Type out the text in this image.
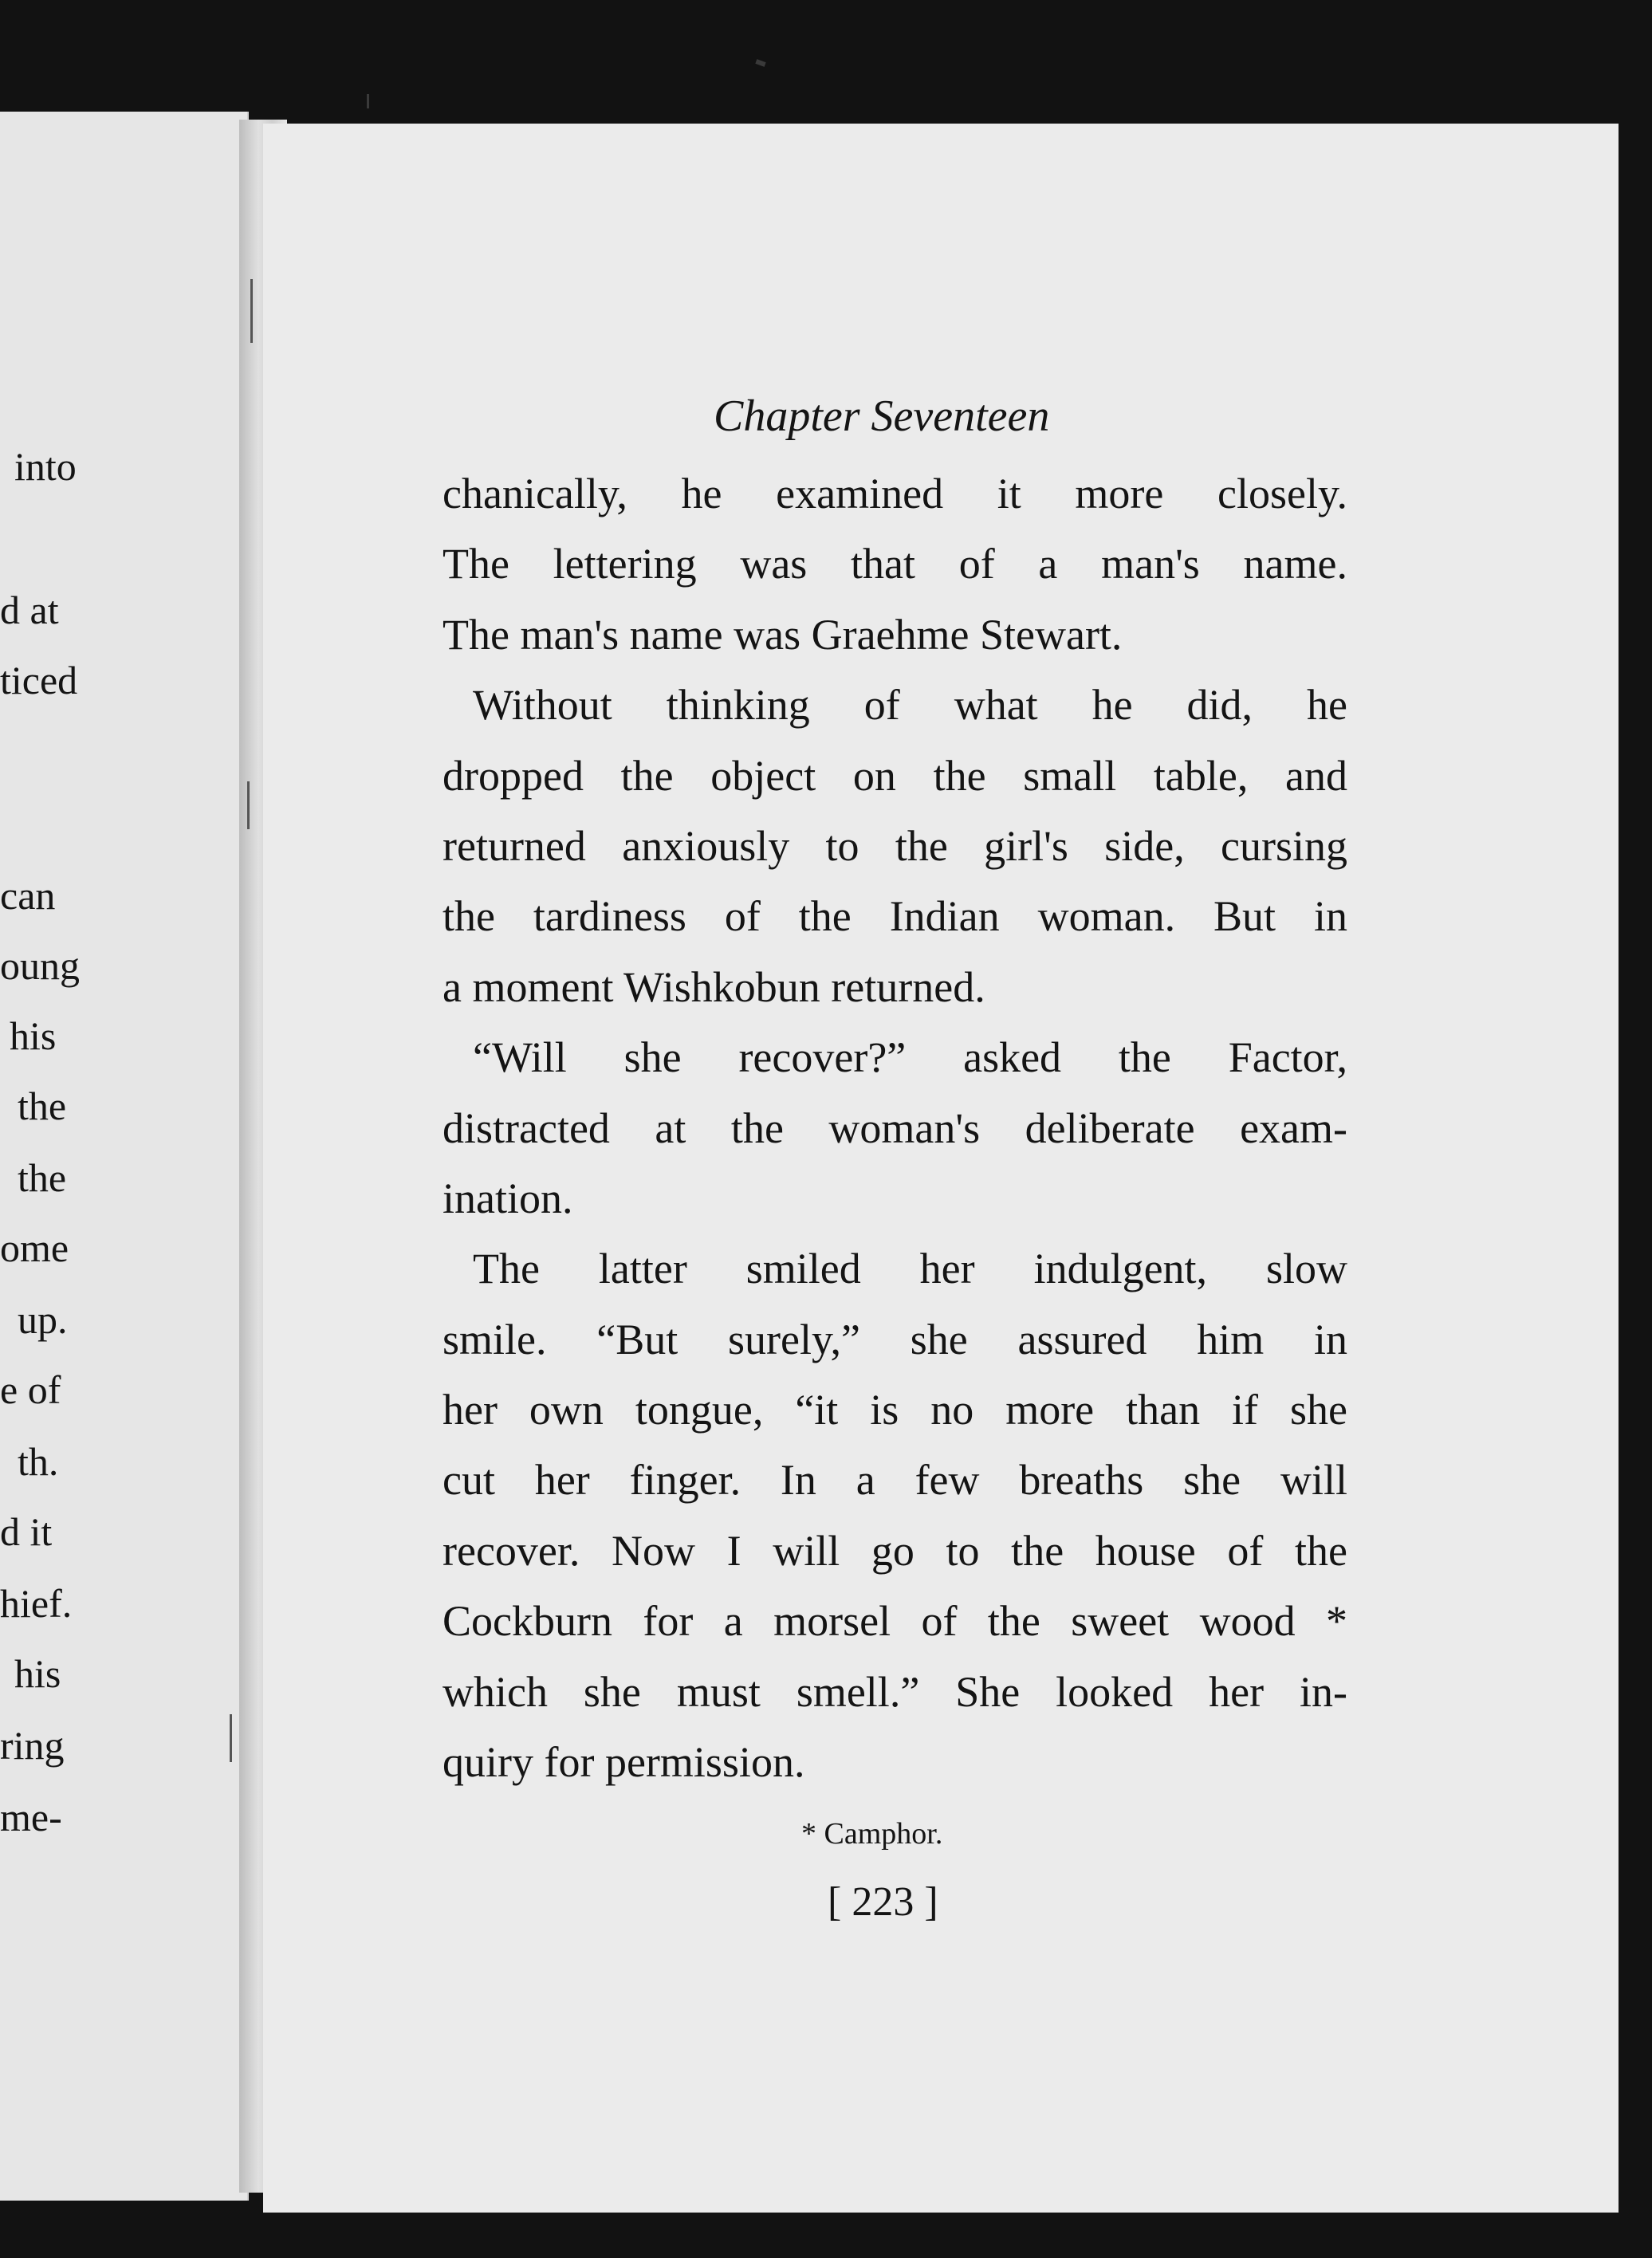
into
d at
ticed
can
oung
his
the
the
ome
up.
e of
th.
d it
hief.
his
ring
me-
Chapter Seventeen
chanically, he examined it more closely.
The lettering was that of a man's name.
The man's name was Graehme Stewart.
Without thinking of what he did, he
dropped the object on the small table, and
returned anxiously to the girl's side, cursing
the tardiness of the Indian woman. But in
a moment Wishkobun returned.
“Will she recover?” asked the Factor,
distracted at the woman's deliberate exam-
ination.
The latter smiled her indulgent, slow
smile. “But surely,” she assured him in
her own tongue, “it is no more than if she
cut her finger. In a few breaths she will
recover. Now I will go to the house of the
Cockburn for a morsel of the sweet wood *
which she must smell.” She looked her in-
quiry for permission.
* Camphor.
[ 223 ]
